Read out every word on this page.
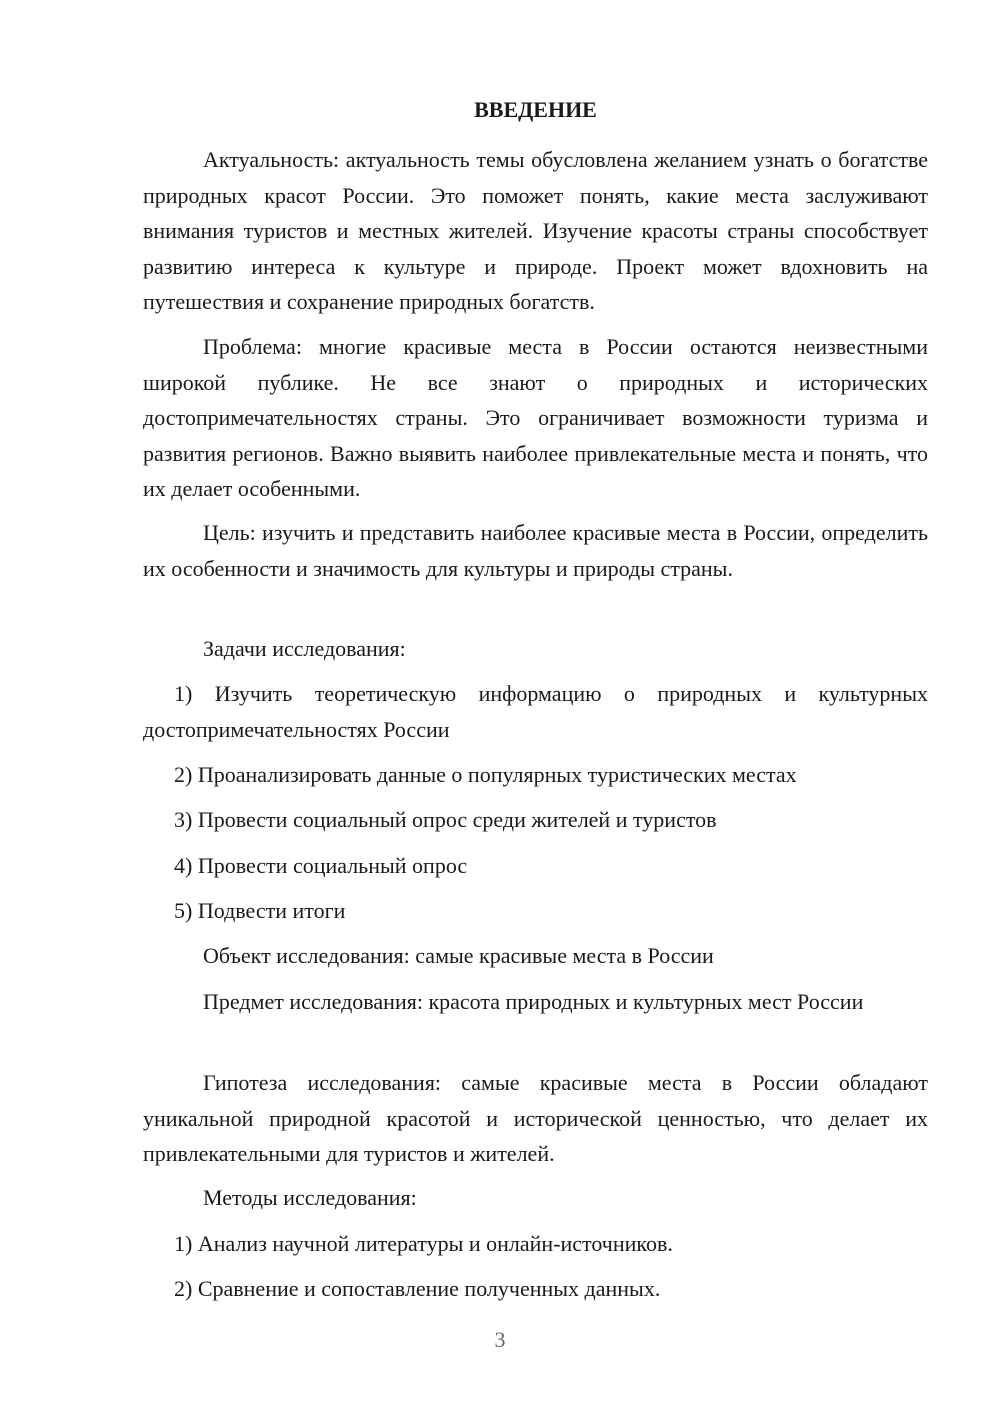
ВВЕДЕНИЕ

Актуальность: актуальность темы обусловлена желанием узнать о богатстве природных красот России. Это поможет понять, какие места заслуживают внимания туристов и местных жителей. Изучение красоты страны способствует развитию интереса к культуре и природе. Проект может вдохновить на путешествия и сохранение природных богатств.

Проблема: многие красивые места в России остаются неизвестными широкой публике. Не все знают о природных и исторических достопримечательностях страны. Это ограничивает возможности туризма и развития регионов. Важно выявить наиболее привлекательные места и понять, что их делает особенными.

Цель: изучить и представить наиболее красивые места в России, определить их особенности и значимость для культуры и природы страны.

Задачи исследования:

1) Изучить теоретическую информацию о природных и культурных достопримечательностях России

2) Проанализировать данные о популярных туристических местах

3) Провести социальный опрос среди жителей и туристов

4) Провести социальный опрос

5) Подвести итоги

Объект исследования: самые красивые места в России

Предмет исследования: красота природных и культурных мест России

Гипотеза исследования: самые красивые места в России обладают уникальной природной красотой и исторической ценностью, что делает их привлекательными для туристов и жителей.

Методы исследования:

1) Анализ научной литературы и онлайн-источников.

2) Сравнение и сопоставление полученных данных.

3
